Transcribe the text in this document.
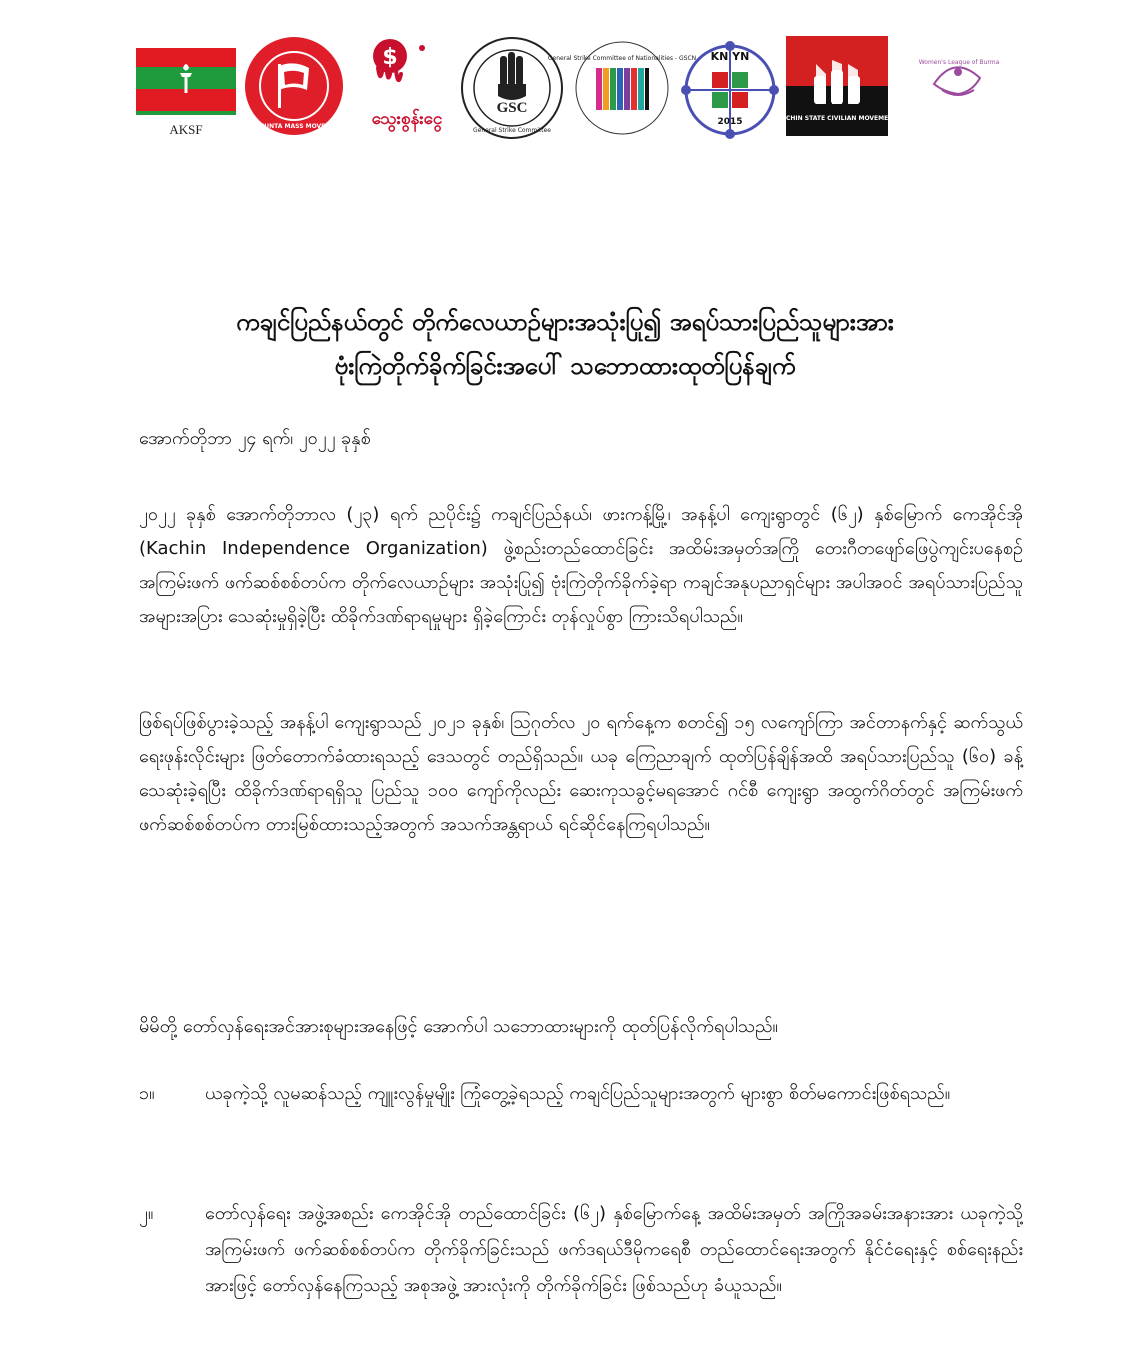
AKSF	ANTI-JUNTA MASS MOVEMENT
$
သွေးစွန်းငွေ
GSC
General Strike Committee
General Strike Committee of Nationalities - GSCN KN YN
2015	KACHIN STATE CIVILIAN MOVEMENT
Women's League of Burma
ကချင်ပြည်နယ်တွင် တိုက်လေယာဉ်များအသုံးပြု၍ အရပ်သားပြည်သူများအား
ဗုံးကြဲတိုက်ခိုက်ခြင်းအပေါ် သဘောထားထုတ်ပြန်ချက်
အောက်တိုဘာ ၂၄ ရက်၊ ၂၀၂၂ ခုနှစ်

၂၀၂၂ ခုနှစ် အောက်တိုဘာလ (၂၃) ရက် ညပိုင်း၌ ကချင်ပြည်နယ်၊ ဖားကန့်မြို့၊ အနန့်ပါ ကျေးရွာတွင် (၆၂) နှစ်မြောက် ကေအိုင်အို (Kachin Independence Organization) ဖွဲ့စည်းတည်ထောင်ခြင်း အထိမ်းအမှတ်အကြို တေးဂီတဖျော်ဖြေပွဲကျင်းပနေစဉ် အကြမ်းဖက် ဖက်ဆစ်စစ်တပ်က တိုက်လေယာဉ်များ အသုံးပြု၍ ဗုံးကြဲတိုက်ခိုက်ခဲ့ရာ ကချင်အနုပညာရှင်များ အပါအဝင် အရပ်သားပြည်သူ အများအပြား သေဆုံးမှုရှိခဲ့ပြီး ထိခိုက်ဒဏ်ရာရမှုများ ရှိခဲ့ကြောင်း တုန်လှုပ်စွာ ကြားသိရပါသည်။

ဖြစ်ရပ်ဖြစ်ပွားခဲ့သည့် အနန့်ပါ ကျေးရွာသည် ၂၀၂၁ ခုနှစ်၊ ဩဂုတ်လ ၂၀ ရက်နေ့က စတင်၍ ၁၅ လကျော်ကြာ အင်တာနက်နှင့် ဆက်သွယ်ရေးဖုန်းလိုင်းများ ဖြတ်တောက်ခံထားရသည့် ဒေသတွင် တည်ရှိသည်။ ယခု ကြေညာချက် ထုတ်ပြန်ချိန်အထိ အရပ်သားပြည်သူ (၆၀) ခန့် သေဆုံးခဲ့ရပြီး ထိခိုက်ဒဏ်ရာရရှိသူ ပြည်သူ ၁၀၀ ကျော်ကိုလည်း ဆေးကုသခွင့်မရအောင် ဂင်စီ ကျေးရွာ အထွက်ဂိတ်တွင် အကြမ်းဖက် ဖက်ဆစ်စစ်တပ်က တားမြစ်ထားသည့်အတွက် အသက်အန္တရာယ် ရင်ဆိုင်နေကြရပါသည်။

မိမိတို့ တော်လှန်ရေးအင်အားစုများအနေဖြင့် အောက်ပါ သဘောထားများကို ထုတ်ပြန်လိုက်ရပါသည်။

၁။	ယခုကဲ့သို့ လူမဆန်သည့် ကျူးလွန်မှုမျိုး ကြုံတွေ့ခဲ့ရသည့် ကချင်ပြည်သူများအတွက် များစွာ စိတ်မကောင်းဖြစ်ရသည်။
၂။	တော်လှန်ရေး အဖွဲ့အစည်း ကေအိုင်အို တည်ထောင်ခြင်း (၆၂) နှစ်မြောက်နေ့ အထိမ်းအမှတ် အကြိုအခမ်းအနားအား ယခုကဲ့သို့ အကြမ်းဖက် ဖက်ဆစ်စစ်တပ်က တိုက်ခိုက်ခြင်းသည် ဖက်ဒရယ်ဒီမိုကရေစီ တည်ထောင်ရေးအတွက် နိုင်ငံရေးနှင့် စစ်ရေးနည်းအားဖြင့် တော်လှန်နေကြသည့် အစုအဖွဲ့ အားလုံးကို တိုက်ခိုက်ခြင်း ဖြစ်သည်ဟု ခံယူသည်။
